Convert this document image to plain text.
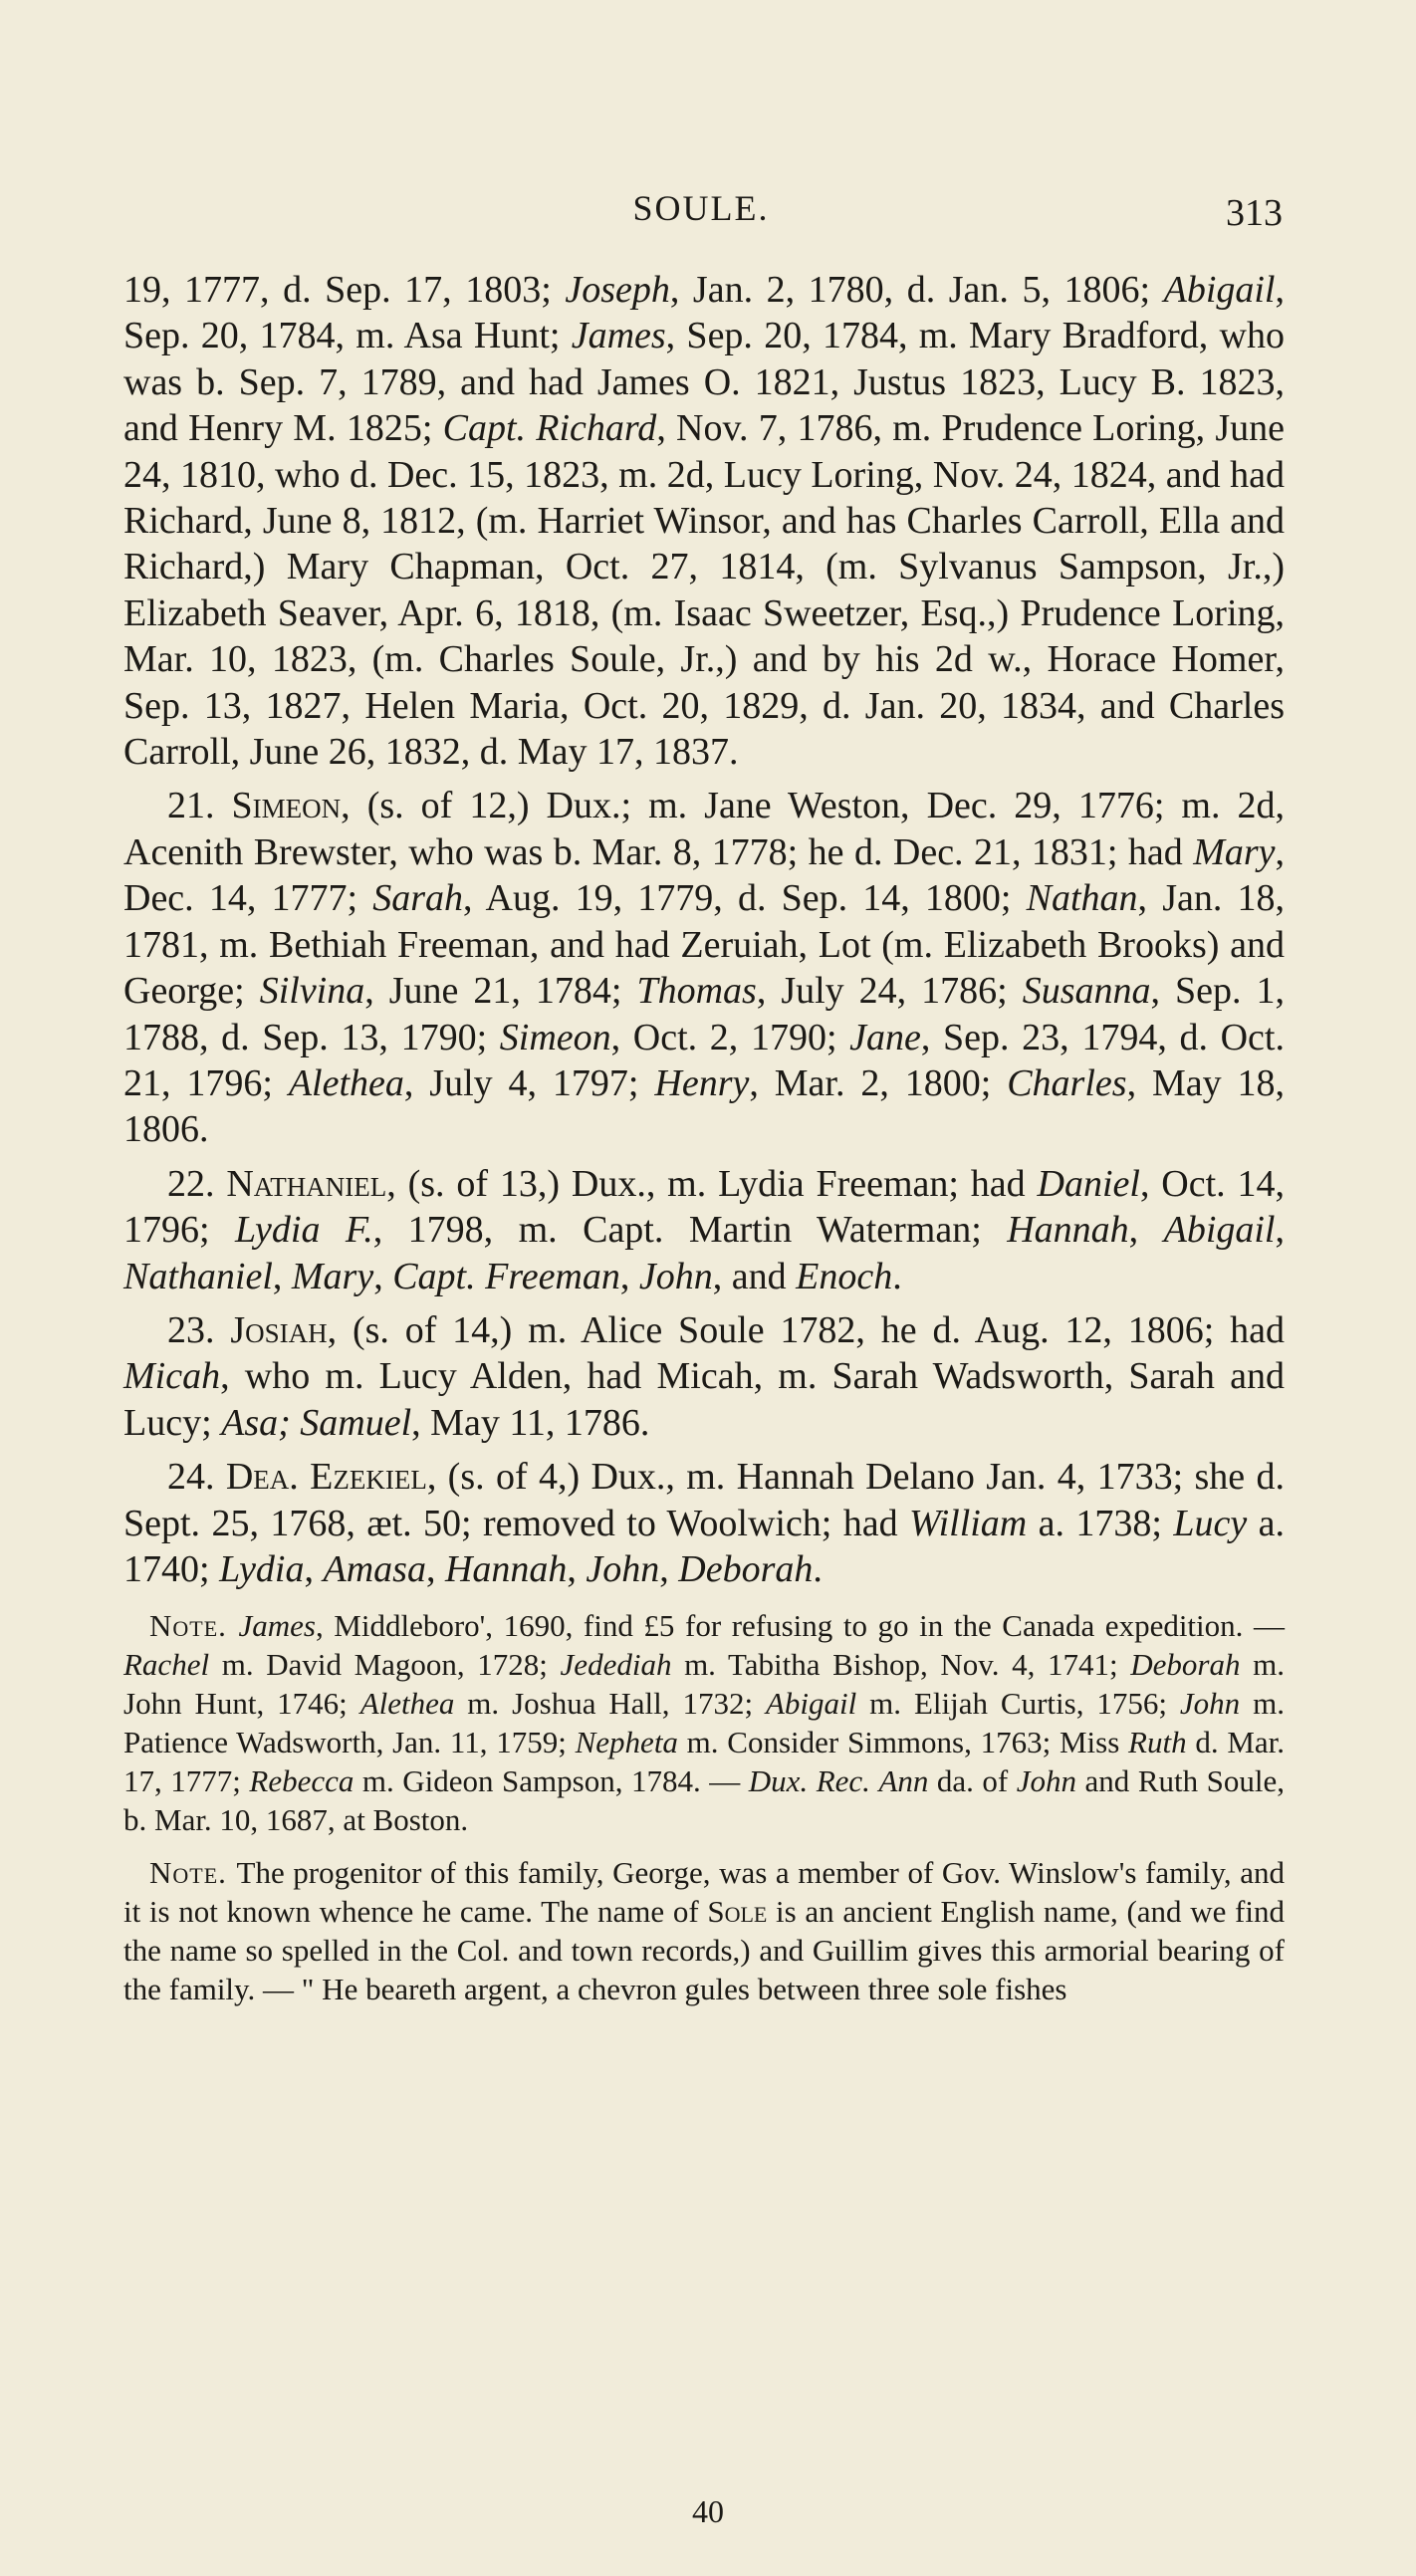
SOULE.	313

19, 1777, d. Sep. 17, 1803; Joseph, Jan. 2, 1780, d. Jan. 5, 1806; Abigail, Sep. 20, 1784, m. Asa Hunt; James, Sep. 20, 1784, m. Mary Bradford, who was b. Sep. 7, 1789, and had James O. 1821, Justus 1823, Lucy B. 1823, and Henry M. 1825; Capt. Richard, Nov. 7, 1786, m. Prudence Loring, June 24, 1810, who d. Dec. 15, 1823, m. 2d, Lucy Loring, Nov. 24, 1824, and had Richard, June 8, 1812, (m. Harriet Winsor, and has Charles Carroll, Ella and Richard,) Mary Chapman, Oct. 27, 1814, (m. Sylvanus Sampson, Jr.,) Elizabeth Seaver, Apr. 6, 1818, (m. Isaac Sweetzer, Esq.,) Prudence Loring, Mar. 10, 1823, (m. Charles Soule, Jr.,) and by his 2d w., Horace Homer, Sep. 13, 1827, Helen Maria, Oct. 20, 1829, d. Jan. 20, 1834, and Charles Carroll, June 26, 1832, d. May 17, 1837.

21. Simeon, (s. of 12,) Dux.; m. Jane Weston, Dec. 29, 1776; m. 2d, Acenith Brewster, who was b. Mar. 8, 1778; he d. Dec. 21, 1831; had Mary, Dec. 14, 1777; Sarah, Aug. 19, 1779, d. Sep. 14, 1800; Nathan, Jan. 18, 1781, m. Bethiah Freeman, and had Zeruiah, Lot (m. Elizabeth Brooks) and George; Silvina, June 21, 1784; Thomas, July 24, 1786; Susanna, Sep. 1, 1788, d. Sep. 13, 1790; Simeon, Oct. 2, 1790; Jane, Sep. 23, 1794, d. Oct. 21, 1796; Alethea, July 4, 1797; Henry, Mar. 2, 1800; Charles, May 18, 1806.

22. Nathaniel, (s. of 13,) Dux., m. Lydia Freeman; had Daniel, Oct. 14, 1796; Lydia F., 1798, m. Capt. Martin Waterman; Hannah, Abigail, Nathaniel, Mary, Capt. Freeman, John, and Enoch.

23. Josiah, (s. of 14,) m. Alice Soule 1782, he d. Aug. 12, 1806; had Micah, who m. Lucy Alden, had Micah, m. Sarah Wadsworth, Sarah and Lucy; Asa; Samuel, May 11, 1786.

24. Dea. Ezekiel, (s. of 4,) Dux., m. Hannah Delano Jan. 4, 1733; she d. Sept. 25, 1768, æt. 50; removed to Woolwich; had William a. 1738; Lucy a. 1740; Lydia, Amasa, Hannah, John, Deborah.

Note. James, Middleboro', 1690, find £5 for refusing to go in the Canada expedition. — Rachel m. David Magoon, 1728; Jedediah m. Tabitha Bishop, Nov. 4, 1741; Deborah m. John Hunt, 1746; Alethea m. Joshua Hall, 1732; Abigail m. Elijah Curtis, 1756; John m. Patience Wadsworth, Jan. 11, 1759; Nepheta m. Consider Simmons, 1763; Miss Ruth d. Mar. 17, 1777; Rebecca m. Gideon Sampson, 1784. — Dux. Rec. Ann da. of John and Ruth Soule, b. Mar. 10, 1687, at Boston.

Note. The progenitor of this family, George, was a member of Gov. Winslow's family, and it is not known whence he came. The name of Sole is an ancient English name, (and we find the name so spelled in the Col. and town records,) and Guillim gives this armorial bearing of the family. — " He beareth argent, a chevron gules between three sole fishes

40
